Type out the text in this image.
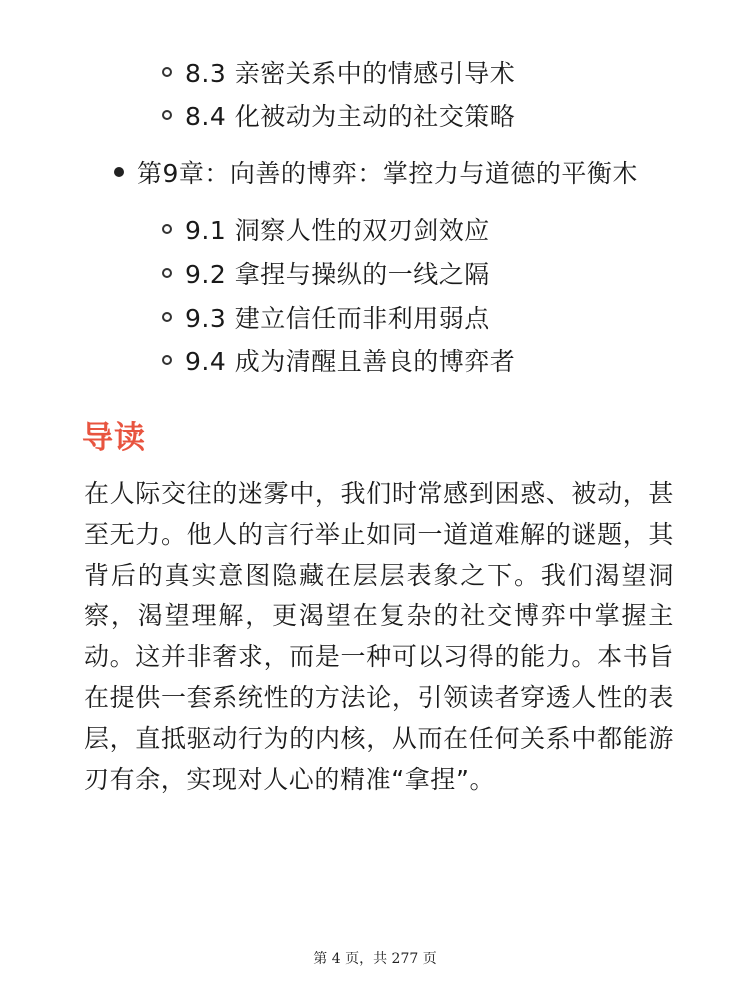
8.3 亲密关系中的情感引导术
8.4 化被动为主动的社交策略
第9章：向善的博弈：掌控力与道德的平衡木
9.1 洞察人性的双刃剑效应
9.2 拿捏与操纵的一线之隔
9.3 建立信任而非利用弱点
9.4 成为清醒且善良的博弈者
导读

在人际交往的迷雾中，我们时常感到困惑、被动，甚至无力。他人的言行举止如同一道道难解的谜题，其背后的真实意图隐藏在层层表象之下。我们渴望洞察，渴望理解，更渴望在复杂的社交博弈中掌握主动。这并非奢求，而是一种可以习得的能力。本书旨在提供一套系统性的方法论，引领读者穿透人性的表层，直抵驱动行为的内核，从而在任何关系中都能游刃有余，实现对人心的精准“拿捏”。

第 4 页，共 277 页
